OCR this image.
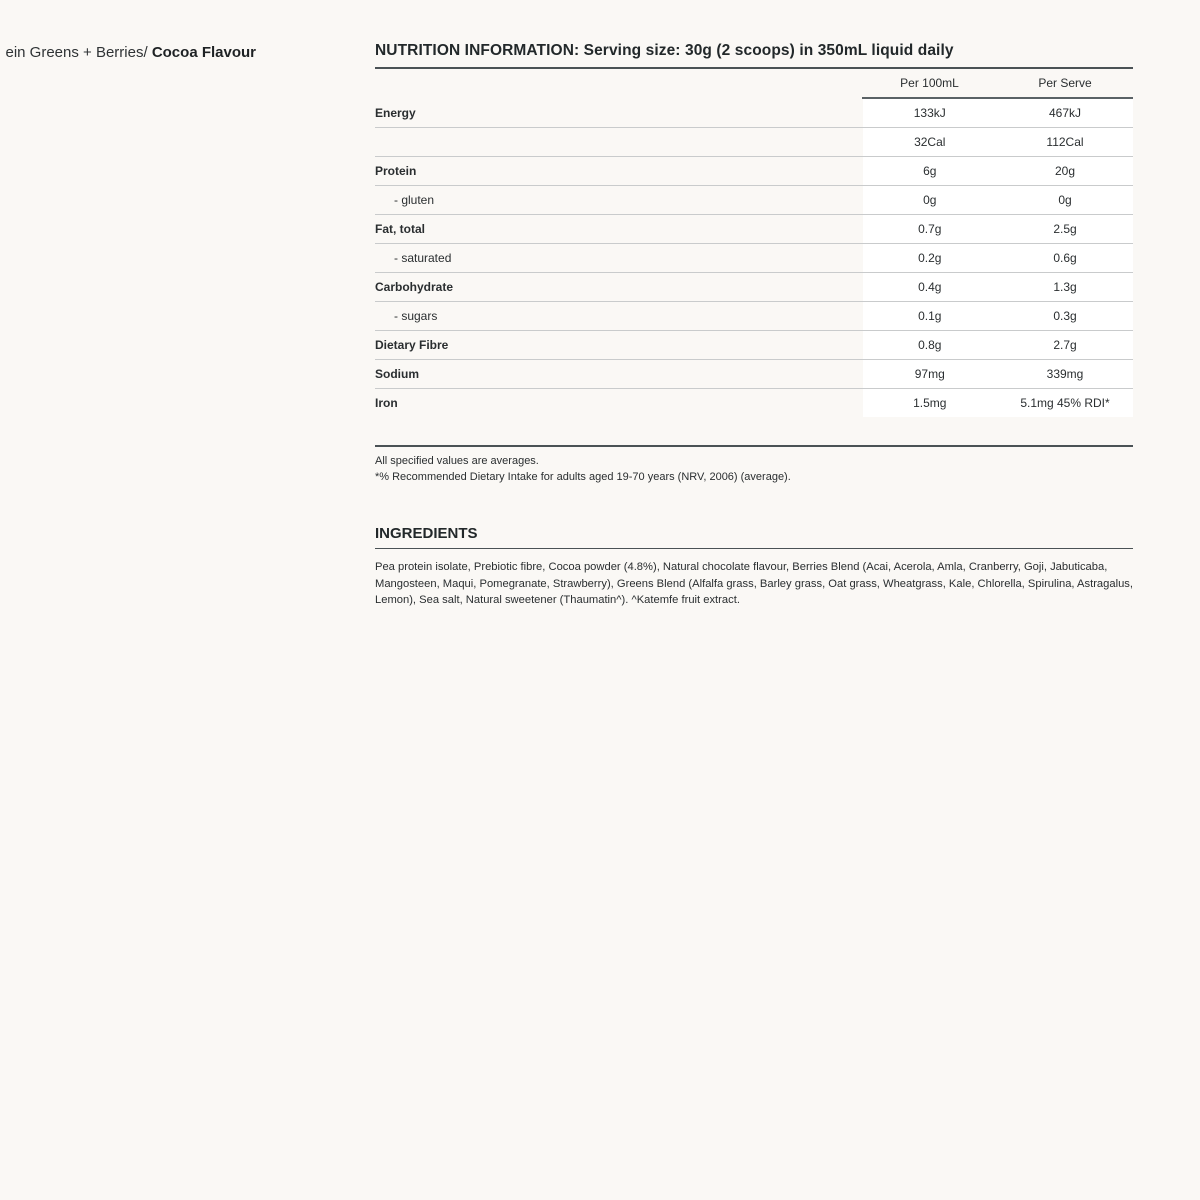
ein Greens + Berries/ Cocoa Flavour	NUTRITION INFORMATION: Serving size: 30g (2 scoops) in 350mL liquid daily
	Per 100mL	Per Serve
Energy	133kJ	467kJ
	32Cal	112Cal
Protein	6g	20g
- gluten	0g	0g
Fat, total	0.7g	2.5g
- saturated	0.2g	0.6g
Carbohydrate	0.4g	1.3g
- sugars	0.1g	0.3g
Dietary Fibre	0.8g	2.7g
Sodium	97mg	339mg
Iron	1.5mg	5.1mg 45% RDI*
All specified values are averages.
*% Recommended Dietary Intake for adults aged 19-70 years (NRV, 2006) (average).
INGREDIENTS
Pea protein isolate, Prebiotic fibre, Cocoa powder (4.8%), Natural chocolate flavour, Berries Blend (Acai, Acerola, Amla, Cranberry, Goji, Jabuticaba, Mangosteen, Maqui, Pomegranate, Strawberry), Greens Blend (Alfalfa grass, Barley grass, Oat grass, Wheatgrass, Kale, Chlorella, Spirulina, Astragalus, Lemon), Sea salt, Natural sweetener (Thaumatin^). ^Katemfe fruit extract.
